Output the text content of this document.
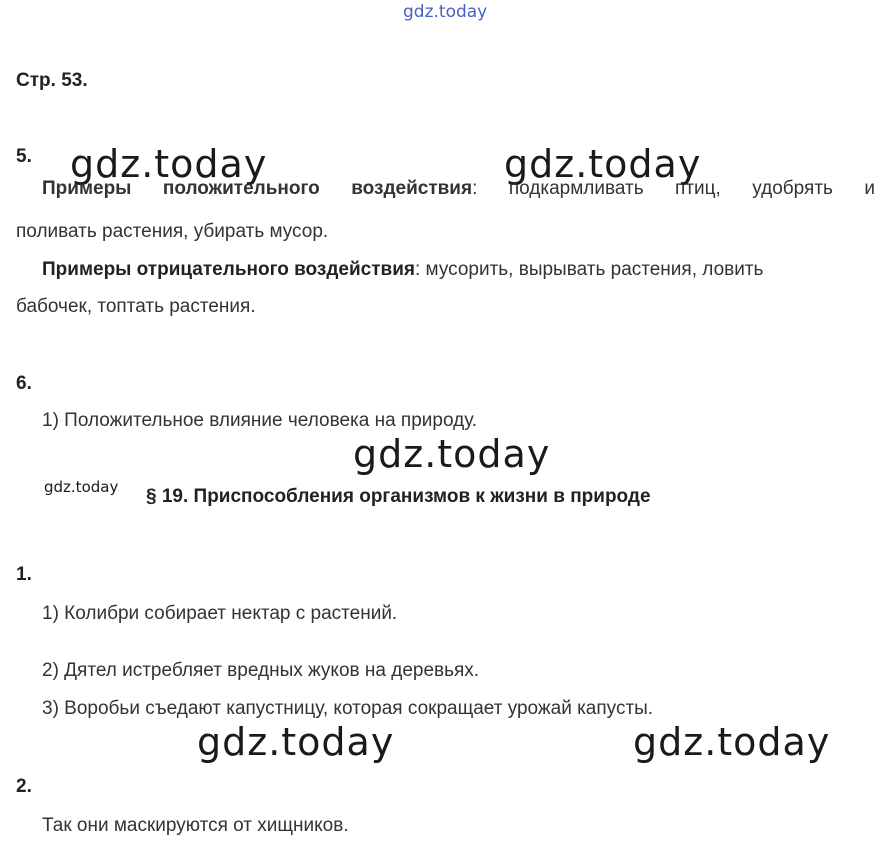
gdz.today
Стр. 53.
5. gdz.today	gdz.today
Примеры положительного воздействия: подкармливать птиц, удобрять и
поливать растения, убирать мусор.
Примеры отрицательного воздействия: мусорить, вырывать растения, ловить
бабочек, топтать растения.
6.
1) Положительное влияние человека на природу.
gdz.today
gdz.today § 19. Приспособления организмов к жизни в природе
1.
1) Колибри собирает нектар с растений.
2) Дятел истребляет вредных жуков на деревьях.
3) Воробьи съедают капустницу, которая сокращает урожай капусты.
gdz.today	gdz.today
2.
Так они маскируются от хищников.
